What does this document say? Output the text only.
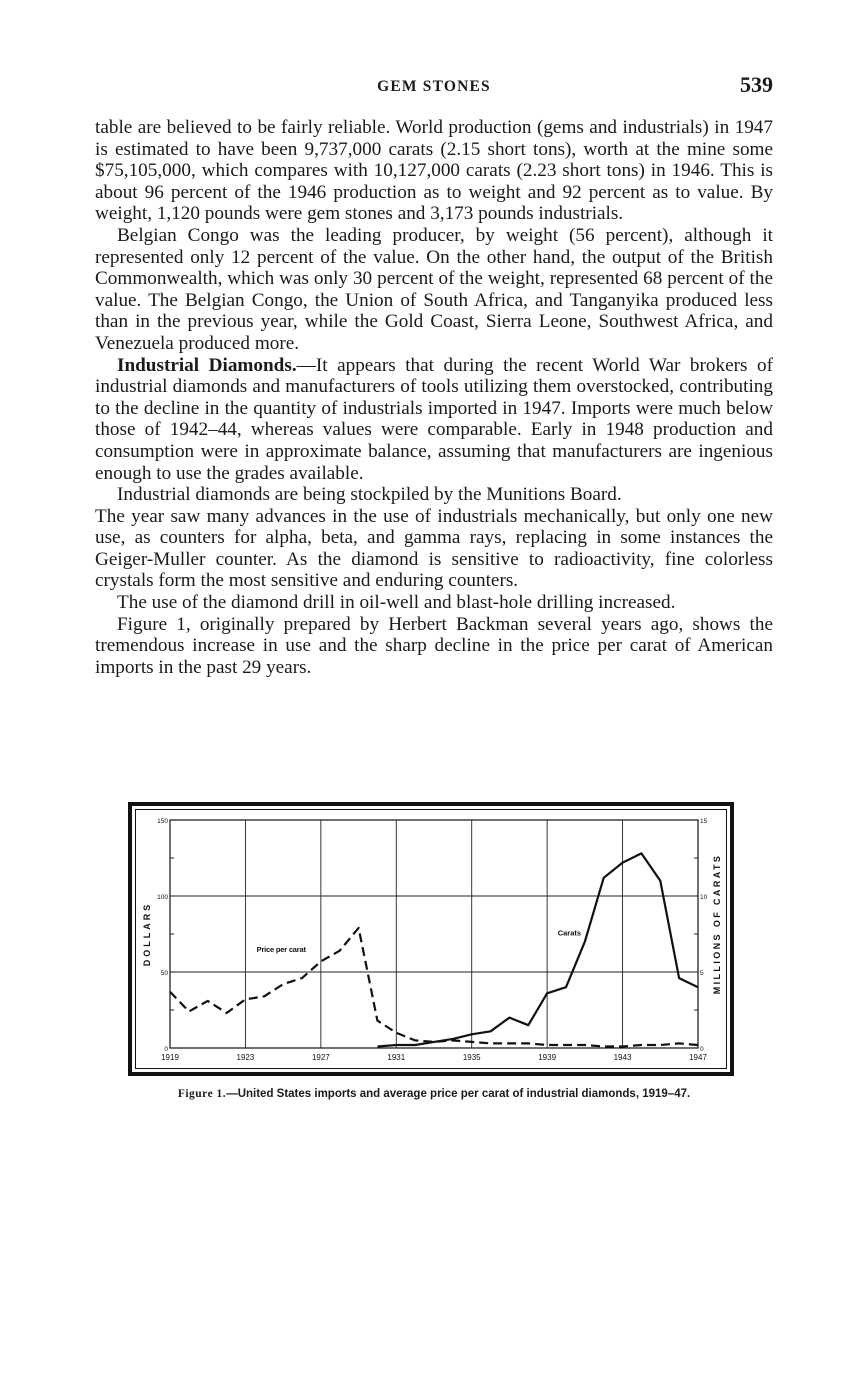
GEM STONES	539

table are believed to be fairly reliable. World production (gems and industrials) in 1947 is estimated to have been 9,737,000 carats (2.15 short tons), worth at the mine some $75,105,000, which compares with 10,127,000 carats (2.23 short tons) in 1946. This is about 96 percent of the 1946 production as to weight and 92 percent as to value. By weight, 1,120 pounds were gem stones and 3,173 pounds industrials.

Belgian Congo was the leading producer, by weight (56 percent), although it represented only 12 percent of the value. On the other hand, the output of the British Commonwealth, which was only 30 percent of the weight, represented 68 percent of the value. The Belgian Congo, the Union of South Africa, and Tanganyika produced less than in the previous year, while the Gold Coast, Sierra Leone, Southwest Africa, and Venezuela produced more.

Industrial Diamonds.—It appears that during the recent World War brokers of industrial diamonds and manufacturers of tools utilizing them overstocked, contributing to the decline in the quantity of industrials imported in 1947. Imports were much below those of 1942–44, whereas values were comparable. Early in 1948 production and consumption were in approximate balance, assuming that manufacturers are ingenious enough to use the grades available.

Industrial diamonds are being stockpiled by the Munitions Board.

The year saw many advances in the use of industrials mechanically, but only one new use, as counters for alpha, beta, and gamma rays, replacing in some instances the Geiger-Muller counter. As the diamond is sensitive to radioactivity, fine colorless crystals form the most sensitive and enduring counters.

The use of the diamond drill in oil-well and blast-hole drilling increased.

Figure 1, originally prepared by Herbert Backman several years ago, shows the tremendous increase in use and the sharp decline in the price per carat of American imports in the past 29 years.

1919	1923	1927	1931	1935	1939	1943	1947
0
50
100
150
0
5
10
15
DOLLARS	MILLIONS OF CARATS
Price per carat
Carats
Figure 1.—United States imports and average price per carat of industrial diamonds, 1919–47.
